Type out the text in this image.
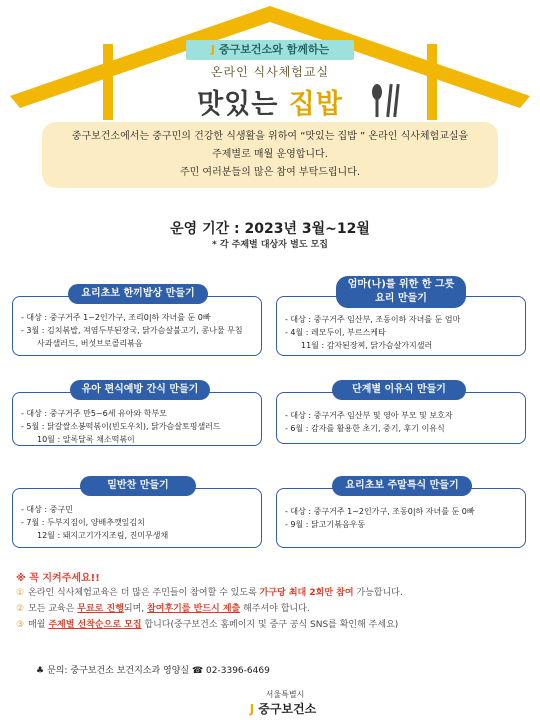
J 중구보건소와 함께하는
온라인 식사체험교실
맛있는 집밥
중구보건소에서는 중구민의 건강한 식생활을 위하여 “맛있는 집밥 ” 온라인 식사체험교실을
주제별로 매월 운영합니다.
주민 여러분들의 많은 참여 부탁드립니다.
운영 기간 : 2023년 3월~12월
* 각 주제별 대상자 별도 모집
- 대상 : 중구거주 1~2인가구, 조리0|하 자녀를 둔 0빠
- 3월 : 김치볶밥, 져염두부된장국, 닭가슴살불고기, 콩나물 무침
사과샐러드, 버섯브로콜리볶음
요리초보 한끼밥상 만들기
- 대상 : 중구거주 임산부, 조동이하 자녀를 둔 엄마
- 4월 : 레모두이, 부르스케타
11월 : 감자된장찌, 닭가슴살가지샐러
엄마(나)를 위한 한 그릇
요리 만들기
- 대상 : 중구거주 만5~6세 유아와 학부모
- 5월 : 닭갈쌀소봉떡볶이(빈도우치), 닭가슴살토핑샐러드
10월 : 알록달록 채소떡볶이
유아 편식예방 간식 만들기
- 대상 : 중구거주 임산부 및 영아 부모 및 보호자
- 6월 : 감자를 활용한 초기, 중기, 후기 이유식
단계별 이유식 만들기
- 대상 : 중구민
- 7월 : 두부지짐이, 양배추깻잎김치
12월 : 돼지고기가지조림, 진미무생채
밑반찬 만들기
- 대상 : 중구거주 1~2인가구, 조동0|하 자녀를 둔 0빠
- 9월 : 닭고기볶음우동
요리초보 주말특식 만들기
※ 꼭 지켜주세요!!
① 온라인 식사체험교육은 더 많은 주민들이 참여할 수 있도록 가구당 최대 2회만 참여 가능합니다.
② 모든 교육은 무료로 진행되며, 참여후기를 반드시 제출 해주셔야 합니다.
③ 매월 주제별 선착순으로 모집 합니다(중구보건소 홈페이지 및 중구 공식 SNS를 확인해 주세요)
♣ 문의: 중구보건소 보건지소과 영양실 ☎ 02-3396-6469
서울특별시
J 중구보건소
